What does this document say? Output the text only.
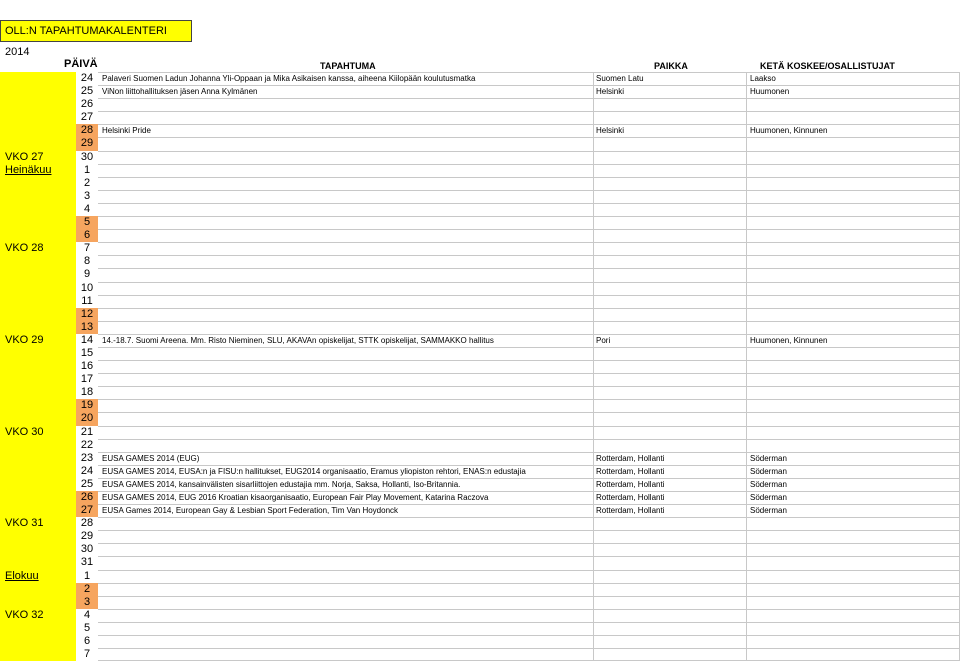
OLL:N TAPAHTUMAKALENTERI 2014
PÄIVÄ	TAPAHTUMA	PAIKKA	KETÄ KOSKEE/OSALLISTUJAT
24	Palaveri Suomen Ladun Johanna Yli-Oppaan ja Mika Asikaisen kanssa, aiheena Kiilopään koulutusmatka	Suomen Latu	Laakso
25	ViNon liittohallituksen jäsen Anna Kylmänen	Helsinki	Huumonen
26
27
28	Helsinki Pride	Helsinki	Huumonen, Kinnunen
29
VKO 27	30
Heinäkuu	1
2
3
4
5
6
VKO 28	7
8
9
10
11
12
13
VKO 29	14	14.-18.7. Suomi Areena. Mm. Risto Nieminen, SLU, AKAVAn opiskelijat, STTK opiskelijat, SAMMAKKO hallitus	Pori	Huumonen, Kinnunen
15
16
17
18
19
20
VKO 30	21
22
23	EUSA GAMES 2014 (EUG)	Rotterdam, Hollanti	Söderman
24	EUSA GAMES 2014, EUSA:n ja FISU:n hallitukset, EUG2014 organisaatio, Eramus yliopiston rehtori, ENAS:n edustajia	Rotterdam, Hollanti	Söderman
25	EUSA GAMES 2014, kansainvälisten sisarliittojen edustajia mm. Norja, Saksa, Hollanti, Iso-Britannia.	Rotterdam, Hollanti	Söderman
26	EUSA GAMES 2014, EUG 2016 Kroatian kisaorganisaatio, European Fair Play Movement, Katarina Raczova	Rotterdam, Hollanti	Söderman
27	EUSA Games 2014, European Gay & Lesbian Sport Federation, Tim Van Hoydonck	Rotterdam, Hollanti	Söderman
VKO 31	28
29
30
31
Elokuu	1
2
3
VKO 32	4
5
6
7
